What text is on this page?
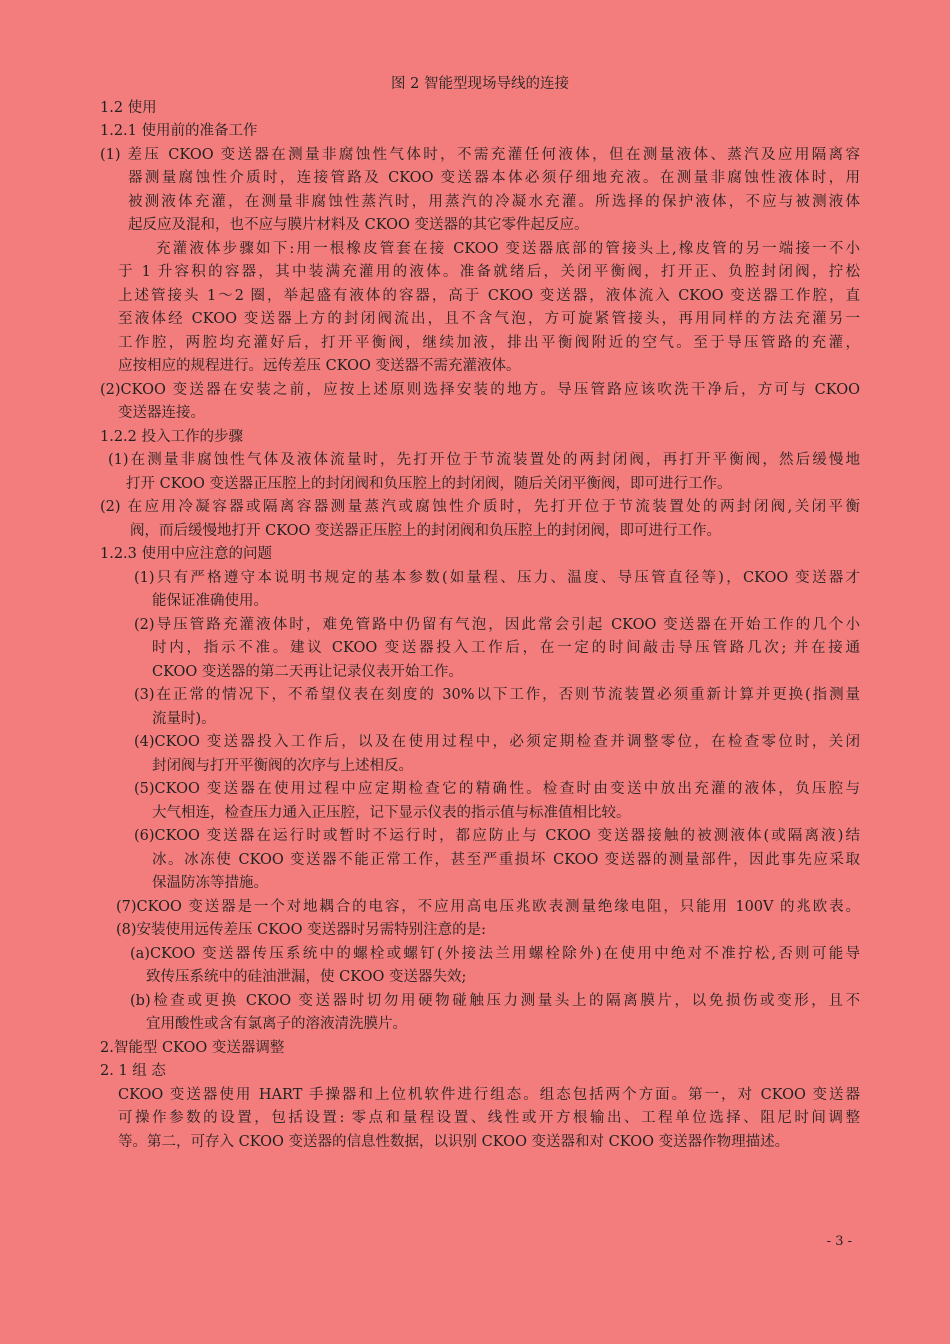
图 2 智能型现场导线的连接
1.2 使用
1.2.1 使用前的准备工作
(1) 差压 CKOO 变送器在测量非腐蚀性气体时，不需充灌任何液体，但在测量液体、蒸汽及应用隔离容
器测量腐蚀性介质时，连接管路及 CKOO 变送器本体必须仔细地充液。在测量非腐蚀性液体时，用
被测液体充灌，在测量非腐蚀性蒸汽时，用蒸汽的冷凝水充灌。所选择的保护液体，不应与被测液体
起反应及混和，也不应与膜片材料及 CKOO 变送器的其它零件起反应。
充灌液体步骤如下:用一根橡皮管套在接 CKOO 变送器底部的管接头上,橡皮管的另一端接一不小
于 1 升容积的容器，其中装满充灌用的液体。准备就绪后，关闭平衡阀，打开正、负腔封闭阀，拧松
上述管接头 1～2 圈，举起盛有液体的容器，高于 CKOO 变送器，液体流入 CKOO 变送器工作腔，直
至液体经 CKOO 变送器上方的封闭阀流出，且不含气泡，方可旋紧管接头，再用同样的方法充灌另一
工作腔，两腔均充灌好后，打开平衡阀，继续加液，排出平衡阀附近的空气。至于导压管路的充灌，
应按相应的规程进行。远传差压 CKOO 变送器不需充灌液体。
(2)CKOO 变送器在安装之前，应按上述原则选择安装的地方。导压管路应该吹洗干净后，方可与 CKOO
变送器连接。
1.2.2 投入工作的步骤
(1)在测量非腐蚀性气体及液体流量时，先打开位于节流装置处的两封闭阀，再打开平衡阀，然后缓慢地
打开 CKOO 变送器正压腔上的封闭阀和负压腔上的封闭阀，随后关闭平衡阀，即可进行工作。
(2) 在应用冷凝容器或隔离容器测量蒸汽或腐蚀性介质时，先打开位于节流装置处的两封闭阀,关闭平衡
阀，而后缓慢地打开 CKOO 变送器正压腔上的封闭阀和负压腔上的封闭阀，即可进行工作。
1.2.3 使用中应注意的问题
(1)只有严格遵守本说明书规定的基本参数(如量程、压力、温度、导压管直径等)，CKOO 变送器才
能保证准确使用。
(2)导压管路充灌液体时，难免管路中仍留有气泡，因此常会引起 CKOO 变送器在开始工作的几个小
时内，指示不准。建议 CKOO 变送器投入工作后，在一定的时间敲击导压管路几次; 并在接通
CKOO 变送器的第二天再让记录仪表开始工作。
(3)在正常的情况下，不希望仪表在刻度的 30%以下工作，否则节流装置必须重新计算并更换(指测量
流量时)。
(4)CKOO 变送器投入工作后，以及在使用过程中，必须定期检查并调整零位，在检查零位时，关闭
封闭阀与打开平衡阀的次序与上述相反。
(5)CKOO 变送器在使用过程中应定期检查它的精确性。检查时由变送中放出充灌的液体，负压腔与
大气相连，检查压力通入正压腔，记下显示仪表的指示值与标准值相比较。
(6)CKOO 变送器在运行时或暂时不运行时，都应防止与 CKOO 变送器接触的被测液体(或隔离液)结
冰。冰冻使 CKOO 变送器不能正常工作，甚至严重损坏 CKOO 变送器的测量部件，因此事先应采取
保温防冻等措施。
(7)CKOO 变送器是一个对地耦合的电容，不应用高电压兆欧表测量绝缘电阻，只能用 100V 的兆欧表。
(8)安装使用远传差压 CKOO 变送器时另需特别注意的是:
(a)CKOO 变送器传压系统中的螺栓或螺钉(外接法兰用螺栓除外)在使用中绝对不准拧松,否则可能导
致传压系统中的硅油泄漏，使 CKOO 变送器失效;
(b)检查或更换 CKOO 变送器时切勿用硬物碰触压力测量头上的隔离膜片，以免损伤或变形，且不
宜用酸性或含有氯离子的溶液清洗膜片。
2.智能型 CKOO 变送器调整
2. 1 组 态
CKOO 变送器使用 HART 手操器和上位机软件进行组态。组态包括两个方面。第一，对 CKOO 变送器
可操作参数的设置，包括设置: 零点和量程设置、线性或开方根输出、工程单位选择、阻尼时间调整
等。第二，可存入 CKOO 变送器的信息性数据，以识别 CKOO 变送器和对 CKOO 变送器作物理描述。
- 3 -
